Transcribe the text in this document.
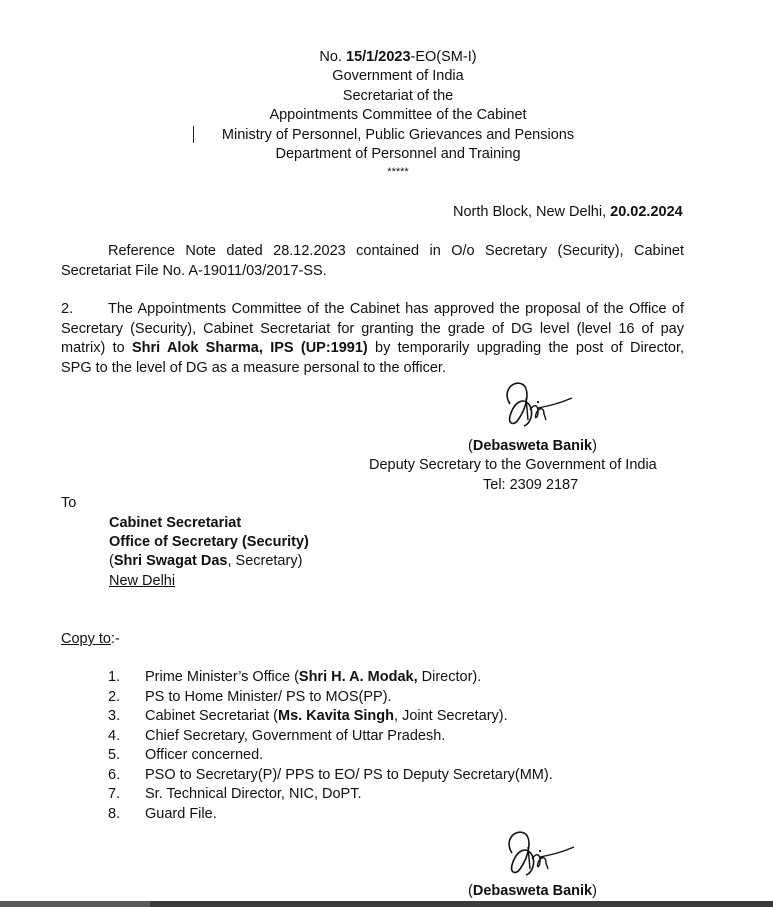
No. 15/1/2023-EO(SM-I)
Government of India
Secretariat of the
Appointments Committee of the Cabinet
Ministry of Personnel, Public Grievances and Pensions
Department of Personnel and Training
*****
North Block, New Delhi, 20.02.2024
Reference Note dated 28.12.2023 contained in O/o Secretary (Security), Cabinet
Secretariat File No. A-19011/03/2017-SS.
2. The Appointments Committee of the Cabinet has approved the proposal of the Office of
Secretary (Security), Cabinet Secretariat for granting the grade of DG level (level 16 of pay
matrix) to Shri Alok Sharma, IPS (UP:1991) by temporarily upgrading the post of Director,
SPG to the level of DG as a measure personal to the officer.
(Debasweta Banik)
Deputy Secretary to the Government of India
Tel: 2309 2187
To
Cabinet Secretariat
Office of Secretary (Security)
(Shri Swagat Das, Secretary)
New Delhi
Copy to:-
1.	Prime Minister’s Office (Shri H. A. Modak, Director).
2.	PS to Home Minister/ PS to MOS(PP).
3.	Cabinet Secretariat (Ms. Kavita Singh, Joint Secretary).
4.	Chief Secretary, Government of Uttar Pradesh.
5.	Officer concerned.
6.	PSO to Secretary(P)/ PPS to EO/ PS to Deputy Secretary(MM).
7.	Sr. Technical Director, NIC, DoPT.
8.	Guard File.
(Debasweta Banik)
